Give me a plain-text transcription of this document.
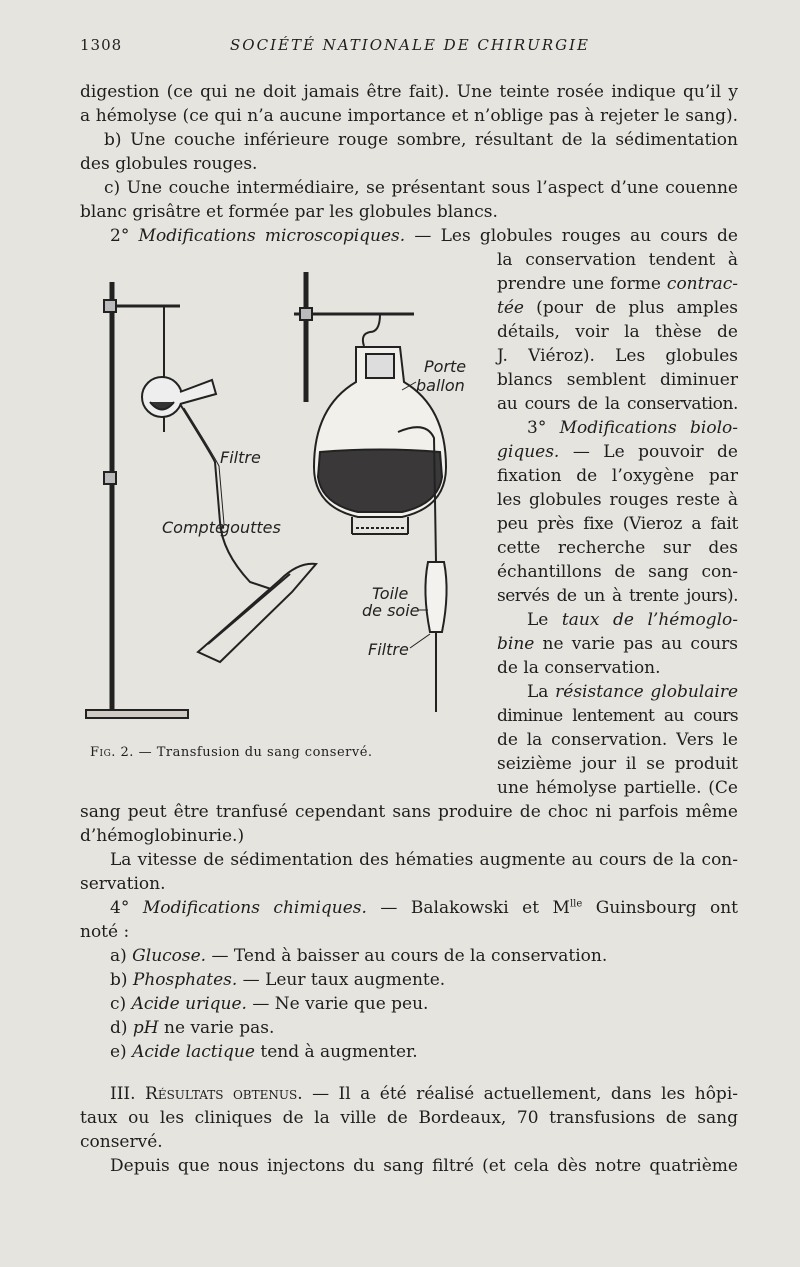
1308	SOCIÉTÉ NATIONALE DE CHIRURGIE
digestion (ce qui ne doit jamais être fait). Une teinte rosée indique qu’il y
a hémolyse (ce qui n’a aucune importance et n’oblige pas à rejeter le sang).
b) Une couche inférieure rouge sombre, résultant de la sédimentation
des globules rouges.
c) Une couche intermédiaire, se présentant sous l’aspect d’une couenne
blanc grisâtre et formée par les globules blancs.
2° Modifications microscopiques. — Les globules rouges au cours de
la conservation tendent à
prendre une forme contrac-
tée (pour de plus amples
détails, voir la thèse de
J. Viéroz). Les globules
blancs semblent diminuer
au cours de la conservation.
3° Modifications biolo-
giques. — Le pouvoir de
fixation de l’oxygène par
les globules rouges reste à
peu près fixe (Vieroz a fait
cette recherche sur des
échantillons de sang con-
servés de un à trente jours).
Le taux de l’hémoglo-
bine ne varie pas au cours
de la conservation.
La résistance globulaire
diminue lentement au cours
de la conservation. Vers le
seizième jour il se produit
une hémolyse partielle. (Ce
Porte
ballon
Filtre
Compte
gouttes
Toile
de soie
Filtre
Fig. 2. — Transfusion du sang conservé.
sang peut être tranfusé cependant sans produire de choc ni parfois même
d’hémoglobinurie.)
La vitesse de sédimentation des hématies augmente au cours de la con-
servation.
4° Modifications chimiques. — Balakowski et $M^{lle}$ Guinsbourg ont
noté :
a) Glucose. — Tend à baisser au cours de la conservation.
b) Phosphates. — Leur taux augmente.
c) Acide urique. — Ne varie que peu.
d) pH ne varie pas.
e) Acide lactique tend à augmenter.
III. Résultats obtenus. — Il a été réalisé actuellement, dans les hôpi-
taux ou les cliniques de la ville de Bordeaux, 70 transfusions de sang
conservé.
Depuis que nous injectons du sang filtré (et cela dès notre quatrième
